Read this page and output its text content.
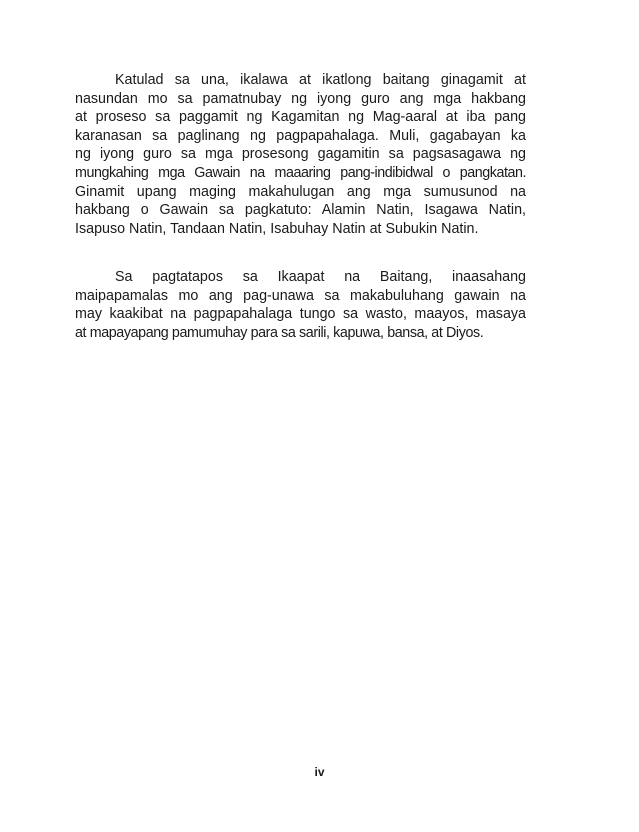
Katulad sa una, ikalawa at ikatlong baitang ginagamit at
nasundan mo sa pamatnubay ng iyong guro ang mga hakbang
at proseso sa paggamit ng Kagamitan ng Mag-aaral at iba pang
karanasan sa paglinang ng pagpapahalaga. Muli, gagabayan ka
ng iyong guro sa mga prosesong gagamitin sa pagsasagawa ng
mungkahing mga Gawain na maaaring pang-indibidwal o pangkatan.
Ginamit upang maging makahulugan ang mga sumusunod na
hakbang o Gawain sa pagkatuto: Alamin Natin, Isagawa Natin,
Isapuso Natin, Tandaan Natin, Isabuhay Natin at Subukin Natin.

Sa pagtatapos sa Ikaapat na Baitang, inaasahang
maipapamalas mo ang pag-unawa sa makabuluhang gawain na
may kaakibat na pagpapahalaga tungo sa wasto, maayos, masaya
at mapayapang pamumuhay para sa sarili, kapuwa, bansa, at Diyos.

iv
